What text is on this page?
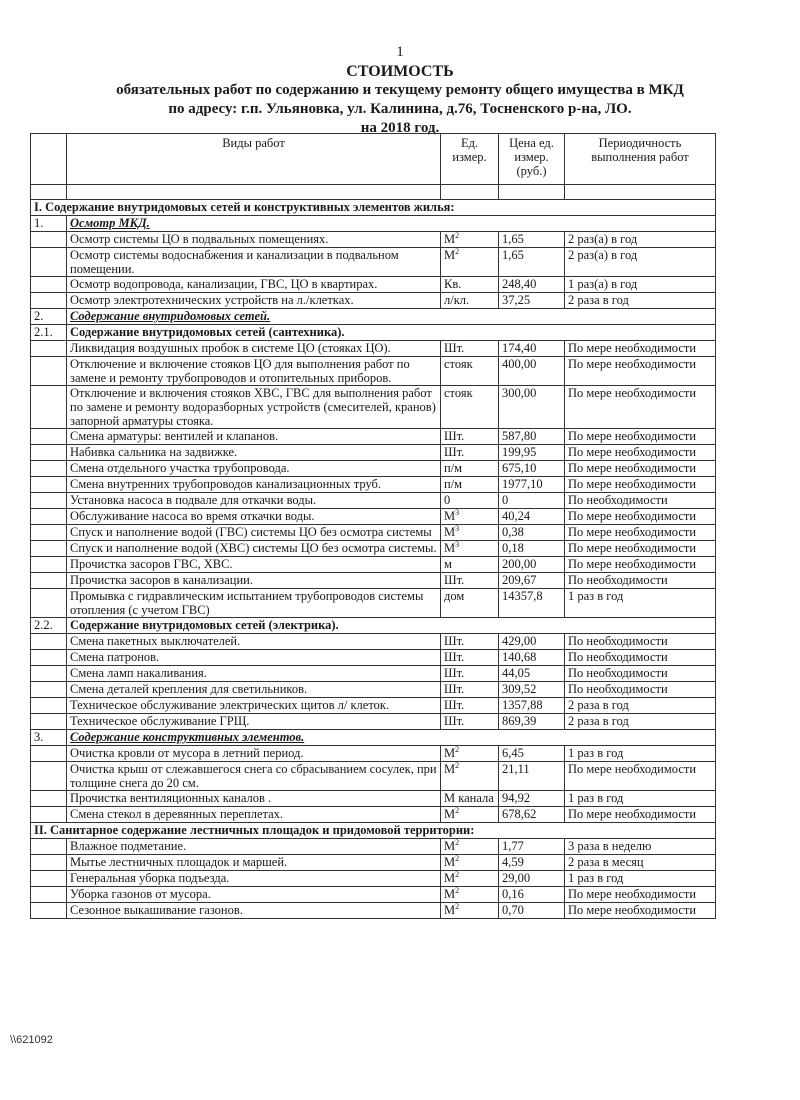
1
СТОИМОСТЬ
обязательных работ по содержанию и текущему ремонту общего имущества в МКД
по адресу: г.п. Ульяновка, ул. Калинина, д.76, Тосненского р-на, ЛО.
на 2018 год.
	Виды работ	Ед. измер.	Цена ед. измер. (руб.)	Периодичность выполнения работ

I. Содержание внутридомовых сетей и конструктивных элементов жилья:				
1.	Осмотр МКД.			
	Осмотр системы ЦО в подвальных помещениях.	$М^2$	1,65	2 раз(а) в год
	Осмотр системы водоснабжения и канализации в подвальном помещении.	$М^2$	1,65	2 раз(а) в год
	Осмотр водопровода, канализации, ГВС, ЦО в квартирах.	Кв.	248,40	1 раз(а) в год
	Осмотр электротехнических устройств на л./клетках.	л/кл.	37,25	2 раза в год
2.	Содержание внутридомовых сетей.			
2.1.	Содержание внутридомовых сетей (сантехника).			
	Ликвидация воздушных пробок в системе ЦО (стояках ЦО).	Шт.	174,40	По мере необходимости
	Отключение и включение стояков ЦО для выполнения работ по замене и ремонту трубопроводов и отопительных приборов.	стояк	400,00	По мере необходимости
	Отключение и включения стояков ХВС, ГВС для выполнения работ по замене и ремонту водоразборных устройств (смесителей, кранов) запорной арматуры стояка.	стояк	300,00	По мере необходимости
	Смена арматуры: вентилей и клапанов.	Шт.	587,80	По мере необходимости
	Набивка сальника на задвижке.	Шт.	199,95	По мере необходимости
	Смена отдельного участка трубопровода.	п/м	675,10	По мере необходимости
	Смена внутренних трубопроводов канализационных труб.	п/м	1977,10	По мере необходимости
	Установка насоса в подвале для откачки воды.	0	0	По необходимости
	Обслуживание насоса во время откачки воды.	$М^3$	40,24	По мере необходимости
	Спуск и наполнение водой (ГВС) системы ЦО без осмотра системы	$М^3$	0,38	По мере необходимости
	Спуск и наполнение водой (ХВС) системы ЦО без осмотра системы.	$М^3$	0,18	По мере необходимости
	Прочистка засоров ГВС, ХВС.	м	200,00	По мере необходимости
	Прочистка засоров в канализации.	Шт.	209,67	По необходимости
	Промывка с гидравлическим испытанием трубопроводов системы отопления (с учетом ГВС)	дом	14357,8	1 раз в год
2.2.	Содержание внутридомовых сетей (электрика).			
	Смена пакетных выключателей.	Шт.	429,00	По необходимости
	Смена патронов.	Шт.	140,68	По необходимости
	Смена ламп накаливания.	Шт.	44,05	По необходимости
	Смена деталей крепления для светильников.	Шт.	309,52	По необходимости
	Техническое обслуживание электрических щитов л/ клеток.	Шт.	1357,88	2 раза в год
	Техническое обслуживание ГРЩ.	Шт.	869,39	2 раза в год
3.	Содержание конструктивных элементов.			
	Очистка кровли от мусора в летний период.	$М^2$	6,45	1 раз в год
	Очистка крыш от слежавшегося снега со сбрасыванием сосулек, при толщине снега до 20 см.	$М^2$	21,11	По мере необходимости
	Прочистка вентиляционных каналов .	М канала	94,92	1 раз в год
	Смена стекол в деревянных переплетах.	$М^2$	678,62	По мере необходимости
II. Санитарное содержание лестничных площадок и придомовой территории:				
	Влажное подметание.	$М^2$	1,77	3 раза в неделю
	Мытье лестничных площадок и маршей.	$М^2$	4,59	2 раза в месяц
	Генеральная уборка подъезда.	$М^2$	29,00	1 раз в год
	Уборка газонов от мусора.	$М^2$	0,16	По мере необходимости
	Сезонное выкашивание газонов.	$М^2$	0,70	По мере необходимости
\\621092
